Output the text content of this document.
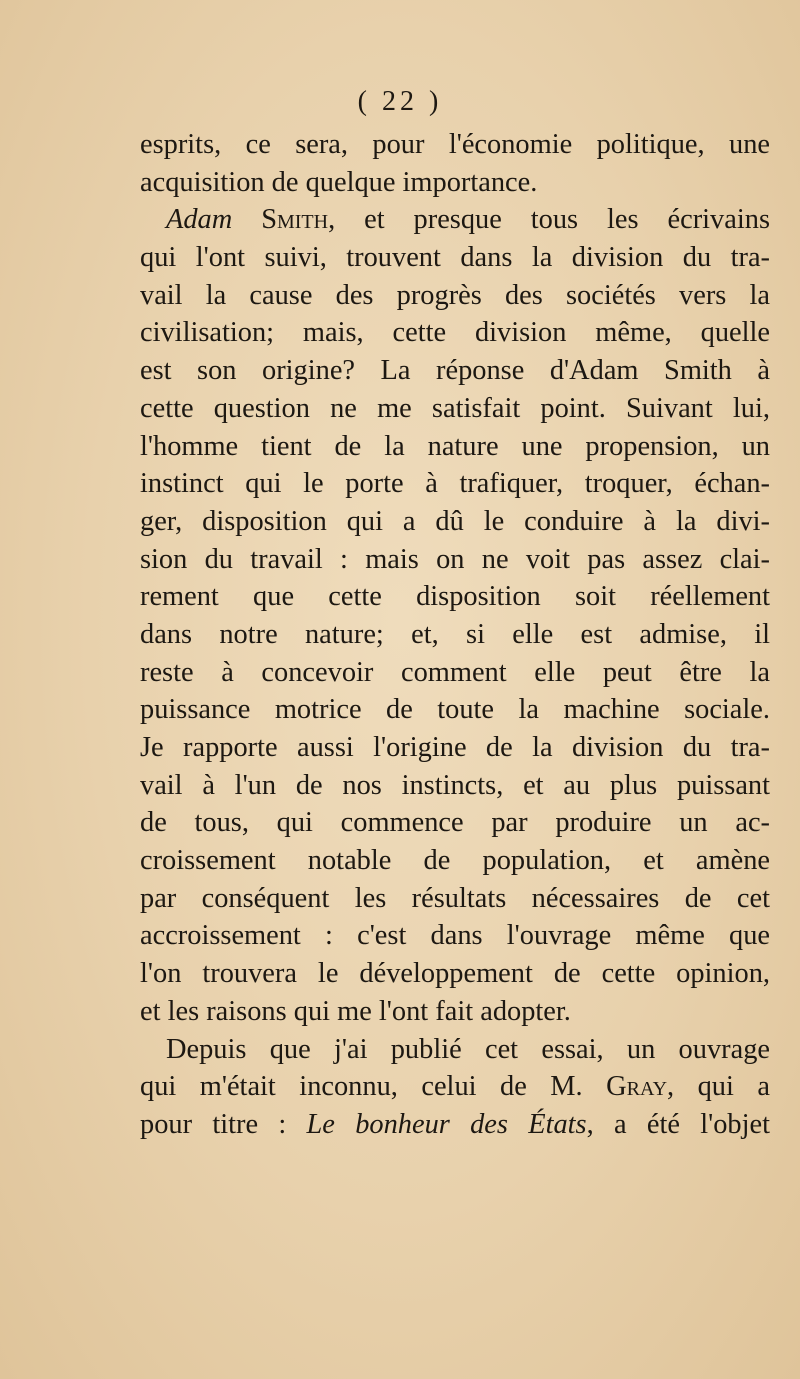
( 22 )
esprits, ce sera, pour l'économie politique, une
acquisition de quelque importance.
Adam Smith, et presque tous les écrivains
qui l'ont suivi, trouvent dans la division du tra-
vail la cause des progrès des sociétés vers la
civilisation; mais, cette division même, quelle
est son origine? La réponse d'Adam Smith à
cette question ne me satisfait point. Suivant lui,
l'homme tient de la nature une propension, un
instinct qui le porte à trafiquer, troquer, échan-
ger, disposition qui a dû le conduire à la divi-
sion du travail : mais on ne voit pas assez clai-
rement que cette disposition soit réellement
dans notre nature; et, si elle est admise, il
reste à concevoir comment elle peut être la
puissance motrice de toute la machine sociale.
Je rapporte aussi l'origine de la division du tra-
vail à l'un de nos instincts, et au plus puissant
de tous, qui commence par produire un ac-
croissement notable de population, et amène
par conséquent les résultats nécessaires de cet
accroissement : c'est dans l'ouvrage même que
l'on trouvera le développement de cette opinion,
et les raisons qui me l'ont fait adopter.
Depuis que j'ai publié cet essai, un ouvrage
qui m'était inconnu, celui de M. Gray, qui a
pour titre : Le bonheur des États, a été l'objet
